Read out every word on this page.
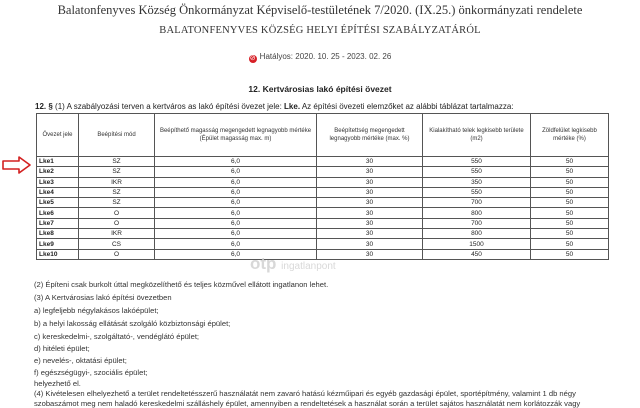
Balatonfenyves Község Önkormányzat Képviselő-testületének 7/2020. (IX.25.) önkormányzati rendelete
BALATONFENYVES KÖZSÉG HELYI ÉPÍTÉSI SZABÁLYZATÁRÓL
⊘ Hatályos: 2020. 10. 25 - 2023. 02. 26
12. Kertvárosias lakó építési övezet
12. § (1) A szabályozási terven a kertváros as lakó építési övezet jele: Lke. Az építési övezeti elemzőket az alábbi táblázat tartalmazza:
Övezet jele	Beépítési mód	Beépíthető magasság megengedett legnagyobb mértéke (Épület magasság max. m)	Beépítettség megengedett legnagyobb mértéke (max. %)	Kialakítható telek legkisebb területe (m2)	Zöldfelület legkisebb mértéke (%)
Lke1	SZ	6,0	30	550	50
Lke2	SZ	6,0	30	550	50
Lke3	IKR	6,0	30	350	50
Lke4	SZ	6,0	30	550	50
Lke5	SZ	6,0	30	700	50
Lke6	O	6,0	30	800	50
Lke7	O	6,0	30	700	50
Lke8	IKR	6,0	30	800	50
Lke9	CS	6,0	30	1500	50
Lke10	O	6,0	30	450	50
otp ingatlanpont
(2) Építeni csak burkolt úttal megközelíthető és teljes közművel ellátott ingatlanon lehet.
(3) A Kertvárosias lakó építési övezetben
a) legfeljebb négylakásos lakóépület;
b) a helyi lakosság ellátását szolgáló közbiztonsági épület;
c) kereskedelmi-, szolgáltató-, vendéglátó épület;
d) hitéleti épület;
e) nevelés-, oktatási épület;
f) egészségügyi-, szociális épület;
helyezhető el.
(4) Kivételesen elhelyezhető a terület rendeltetésszerű használatát nem zavaró hatású kézműipari és egyéb gazdasági épület, sportépítmény, valamint 1 db négy
szobaszámot meg nem haladó kereskedelmi szálláshely épület, amennyiben a rendeltetések a használat során a terület sajátos használatát nem korlátozzák vagy
